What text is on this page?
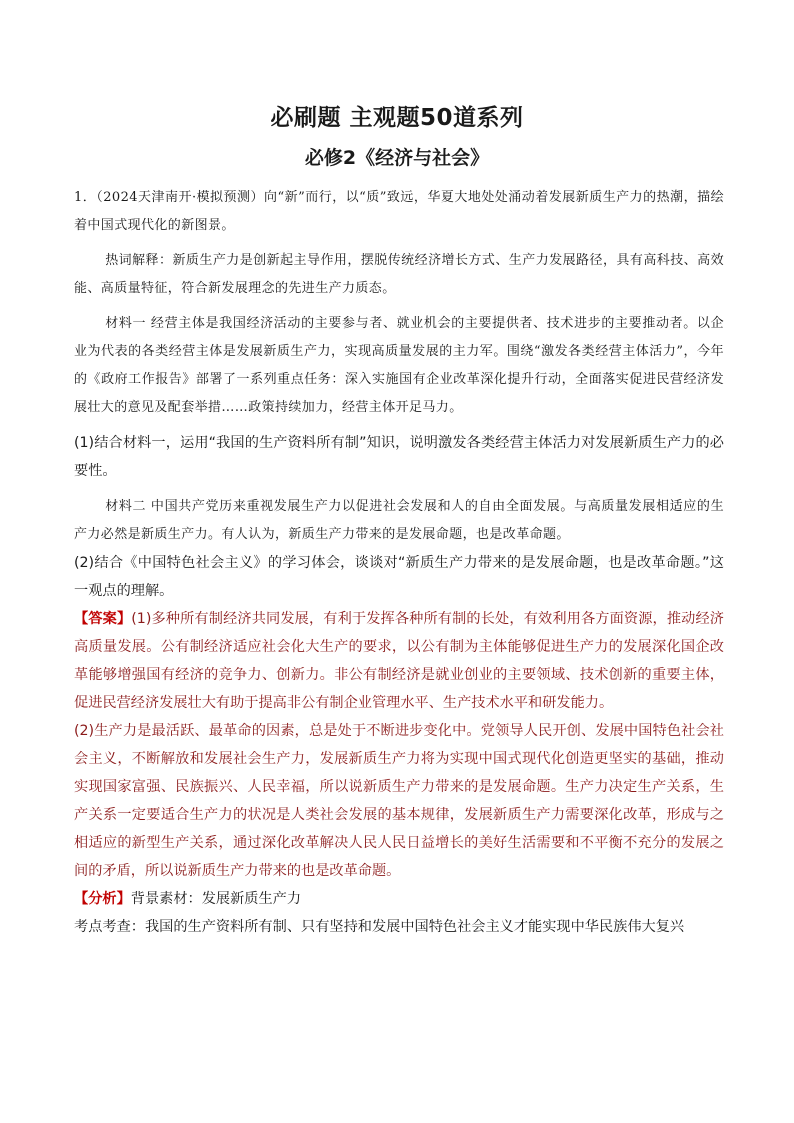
必刷题 主观题50道系列
必修2《经济与社会》

1．（2024天津南开·模拟预测）向“新”而行，以“质”致远，华夏大地处处涌动着发展新质生产力的热潮，描绘着中国式现代化的新图景。

热词解释：新质生产力是创新起主导作用，摆脱传统经济增长方式、生产力发展路径，具有高科技、高效能、高质量特征，符合新发展理念的先进生产力质态。

材料一 经营主体是我国经济活动的主要参与者、就业机会的主要提供者、技术进步的主要推动者。以企业为代表的各类经营主体是发展新质生产力，实现高质量发展的主力军。围绕“激发各类经营主体活力”，今年的《政府工作报告》部署了一系列重点任务：深入实施国有企业改革深化提升行动，全面落实促进民营经济发展壮大的意见及配套举措……政策持续加力，经营主体开足马力。

(1)结合材料一，运用“我国的生产资料所有制”知识，说明激发各类经营主体活力对发展新质生产力的必要性。

材料二 中国共产党历来重视发展生产力以促进社会发展和人的自由全面发展。与高质量发展相适应的生产力必然是新质生产力。有人认为，新质生产力带来的是发展命题，也是改革命题。

(2)结合《中国特色社会主义》的学习体会，谈谈对“新质生产力带来的是发展命题，也是改革命题。”这一观点的理解。

【答案】(1)多种所有制经济共同发展，有利于发挥各种所有制的长处，有效利用各方面资源，推动经济高质量发展。公有制经济适应社会化大生产的要求，以公有制为主体能够促进生产力的发展深化国企改革能够增强国有经济的竞争力、创新力。非公有制经济是就业创业的主要领域、技术创新的重要主体，促进民营经济发展壮大有助于提高非公有制企业管理水平、生产技术水平和研发能力。

(2)生产力是最活跃、最革命的因素，总是处于不断进步变化中。党领导人民开创、发展中国特色社会社会主义，不断解放和发展社会生产力，发展新质生产力将为实现中国式现代化创造更坚实的基础，推动实现国家富强、民族振兴、人民幸福，所以说新质生产力带来的是发展命题。生产力决定生产关系，生产关系一定要适合生产力的状况是人类社会发展的基本规律，发展新质生产力需要深化改革，形成与之相适应的新型生产关系，通过深化改革解决人民人民日益增长的美好生活需要和不平衡不充分的发展之间的矛盾，所以说新质生产力带来的也是改革命题。

【分析】背景素材：发展新质生产力

考点考查：我国的生产资料所有制、只有坚持和发展中国特色社会主义才能实现中华民族伟大复兴
